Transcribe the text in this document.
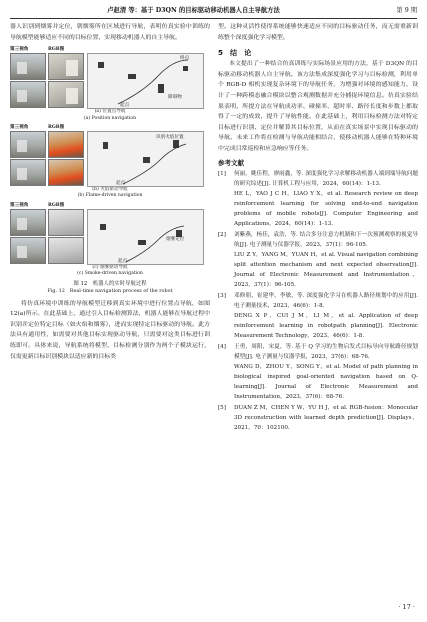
卢赵清 等：基于 D3QN 的目标驱动移动机器人自主导航方法	第 9 期

器人识别到烟雾并定位，朝烟雾所在区域进行导航，表明仿真实验中训练的导航模型能够适应不同的目标位置，实现移动机器人的自主导航。

第三视角	RGB图
终点
起点
障碍物
(a) 位置点导航
(a) Position navigation
第三视角	RGB图
识别火焰位置
起点
(b) 火焰驱动导航
(b) Flame-driven navigation
第三视角	RGB图
烟雾定位
起点
(c) 烟雾驱动导航
(c) Smoke-driven navigation
图 12　机器人的实时导航过程
Fig. 12　Real-time navigation process of the robot

将仿真环境中训练的导航模型迁移到真实环境中进行位置点导航，如图 12(a)所示。在此基础上，通过引入目标检测算法，机器人能够在导航过程中识别并定位特定目标（如火焰和烟雾），进而实现特定目标驱动的导航。此方法具有通用性，如需要对其他目标实现驱动导航，只需要对这类目标进行训练即可。具体来说，导航系统将模型、目标检测分别作为两个子模块运行，仅需更新目标识别模块以适应新的目标类

型。这种灵活性使得系统能够快速适应不同的目标驱动任务，而无需重新训练整个深度强化学习模型。

5　结　论

本文提出了一种结合仿真训练与实际场景应用的方法，基于 D3QN 的目标驱动移动机器人自主导航。该方法集成深度强化学习与目标检测，利用单个 RGB-D 相机实现复杂环境下的导航任务。为增强对环境的感知能力，设计了一种跨模态融合模块以整合观测数据并充分捕捉环境信息。仿真实验结果表明，所提方法在导航成功率、碰撞率、超时率、路径长度和步数上都取得了一定的成效，提升了导航性能。在此基础上，利用目标检测方法对特定目标进行识别、定位并解算其目标位置，从而在真实场景中实现目标驱动的导航。未来工作将在检测与导航功能相结合，使移动机器人能够在特种环境中完成目常巡检和应急响应等任务。

参考文献
[1]	何丽，姚佳程，廖雨鑫，等. 深度强化学习求解移动机器人端到端导航问题的研究综述[J]. 计算机工程与应用，2024，60(14)：1-13.
HE L，YAO J C H，LIAO Y X，et al. Research review on deep reinforcement learning for solving end-to-end navigation problems of mobile robots[J]. Computer Engineering and Applications，2024，60(14)：1-13.
[2]	刘紫燕，杨佳，袁浩，等. 结合多分注意力机制和下一次预测观察的视觉导航[J]. 电子测量与仪器学报，2023，37(1)：96-105.
LIU Z Y，YANG M，YUAN H，et al. Visual navigation combining split attention mechanism and next expected observation[J]. Journal of Electronic Measurement and Instrumentation，2023，37(1)：96-105.
[3]	邓修朋，崔建华，李敏，等. 深度强化学习在机器人路径规划中的应用[J]. 电子测量技术，2023，46(6)：1-8.
DENG X P，CUI J M，LI M，et al. Application of deep reinforcement learning in robotpath planning[J]. Electronic Measurement Technology，2023，46(6)：1-8.
[4]	王勇，周阳，宋夏，等. 基于 Q 学习的生物启发式目标导向导航路径规划模型[J]. 电子测量与仪器学报，2023，37(6)：68-76.
WANG D，ZHOU Y，SONG Y，et al. Model of path planning in biological inspired goal-oriented navigation based on Q-learning[J]. Journal of Electronic Measurement and Instrumentation，2023，37(6)：68-76.
[5]	DUAN Z M，CHEN Y W，YU H J，et al. RGB-fusion：Monocular 3D reconstruction with learned depth prediction[J]. Displays，2021，70：102100.
· 17 ·
